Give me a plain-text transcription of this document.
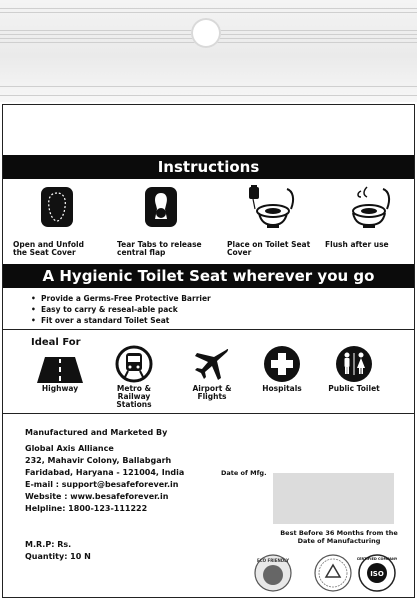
Instructions
Open and Unfold
the Seat Cover
Tear Tabs to release
central flap
Place on Toilet Seat
Cover
Flush after use
A Hygienic Toilet Seat wherever you go
• Provide a Germs-Free Protective Barrier
• Easy to carry & reseal-able pack
• Fit over a standard Toilet Seat
Ideal For
Highway	Metro &
Railway
Stations
Airport &
Flights
Hospitals	Public Toilet
Manufactured and Marketed By
Global Axis Alliance
232, Mahavir Colony, Ballabgarh
Faridabad, Haryana - 121004, India
E-mail : support@besafeforever.in
Website : www.besafeforever.in
Helpline: 1800-123-111222
Date of Mfg.
Best Before 36 Months from the
Date of Manufacturing
M.R.P: Rs.
Quantity: 10 N	ECO FRIENDLY
ISO
CERTIFIED COMPANY
